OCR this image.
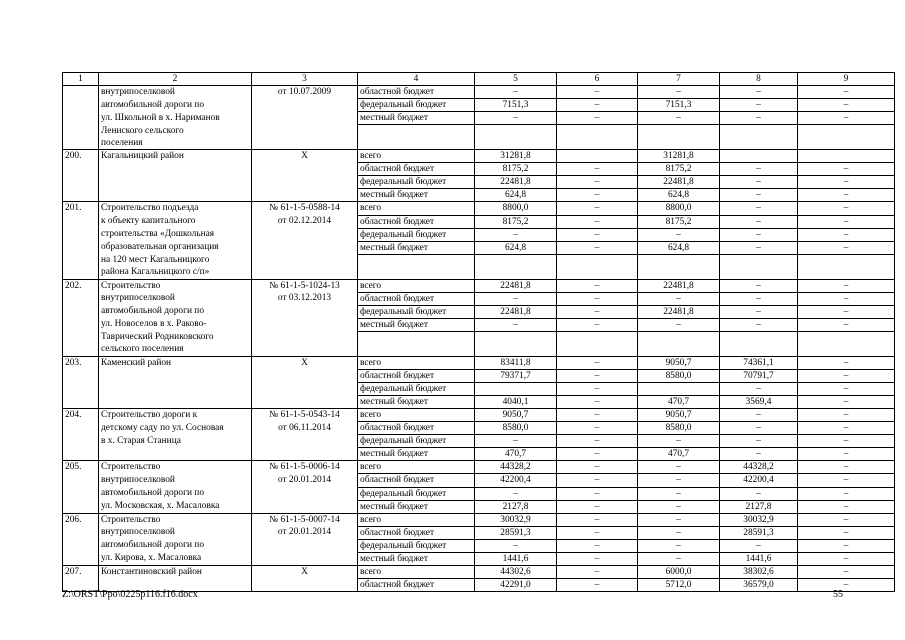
1	2	3	4	5	6	7	8	9
	внутрипоселковой	от 10.07.2009	областной бюджет	–	–	–	–	–
	автомобильной дороги по		федеральный бюджет	7151,3	–	7151,3	–	–
	ул. Школьной в х. Нариманов		местный бюджет	–	–	–	–	–
	Лениского сельского							
	поселения							
200.	Кагальницкий район	Х	всего	31281,8		31281,8		
			областной бюджет	8175,2	–	8175,2	–	–
			федеральный бюджет	22481,8	–	22481,8	–	–
			местный бюджет	624,8	–	624,8	–	–
201.	Строительство подъезда	№ 61-1-5-0588-14	всего	8800,0	–	8800,0	–	–
	к объекту капитального	от 02.12.2014	областной бюджет	8175,2	–	8175,2	–	–
	строительства «Дошкольная		федеральный бюджет	–	–	–	–	–
	образовательная организация		местный бюджет	624,8	–	624,8	–	–
	на 120 мест Кагальницкого							
	района Кагальницкого с/п»							
202.	Строительство	№ 61-1-5-1024-13	всего	22481,8	–	22481,8	–	–
	внутрипоселковой	от 03.12.2013	областной бюджет	–	–	–	–	–
	автомобильной дороги по		федеральный бюджет	22481,8	–	22481,8	–	–
	ул. Новоселов в х. Раково-		местный бюджет	–	–	–	–	–
	Таврический Родниковского							
	сельского поселения							
203.	Каменский район	Х	всего	83411,8	–	9050,7	74361,1	–
			областной бюджет	79371,7	–	8580,0	70791,7	–
			федеральный бюджет		–		–	–
			местный бюджет	4040,1	–	470,7	3569,4	–
204.	Строительство дороги к	№ 61-1-5-0543-14	всего	9050,7	–	9050,7	–	–
	детскому саду по ул. Сосновая	от 06.11.2014	областной бюджет	8580,0	–	8580,0	–	–
	в х. Старая Станица		федеральный бюджет	–	–	–	–	–
			местный бюджет	470,7	–	470,7	–	–
205.	Строительство	№ 61-1-5-0006-14	всего	44328,2	–	–	44328,2	–
	внутрипоселковой	от 20.01.2014	областной бюджет	42200,4	–	–	42200,4	–
	автомобильной дороги по		федеральный бюджет	–	–	–	–	–
	ул. Московская, х. Масаловка		местный бюджет	2127,8	–	–	2127,8	–
206.	Строительство	№ 61-1-5-0007-14	всего	30032,9	–	–	30032,9	–
	внутрипоселковой	от 20.01.2014	областной бюджет	28591,3	–	–	28591,3	–
	автомобильной дороги по		федеральный бюджет	–	–	–	–	–
	ул. Кирова, х. Масаловка		местный бюджет	1441,6	–	–	1441,6	–
207.	Константиновский район	Х	всего	44302,6	–	6000,0	38302,6	–
			областной бюджет	42291,0	–	5712,0	36579,0	–
Z:\ORST\Ppo\0225p116.f16.docx	55
